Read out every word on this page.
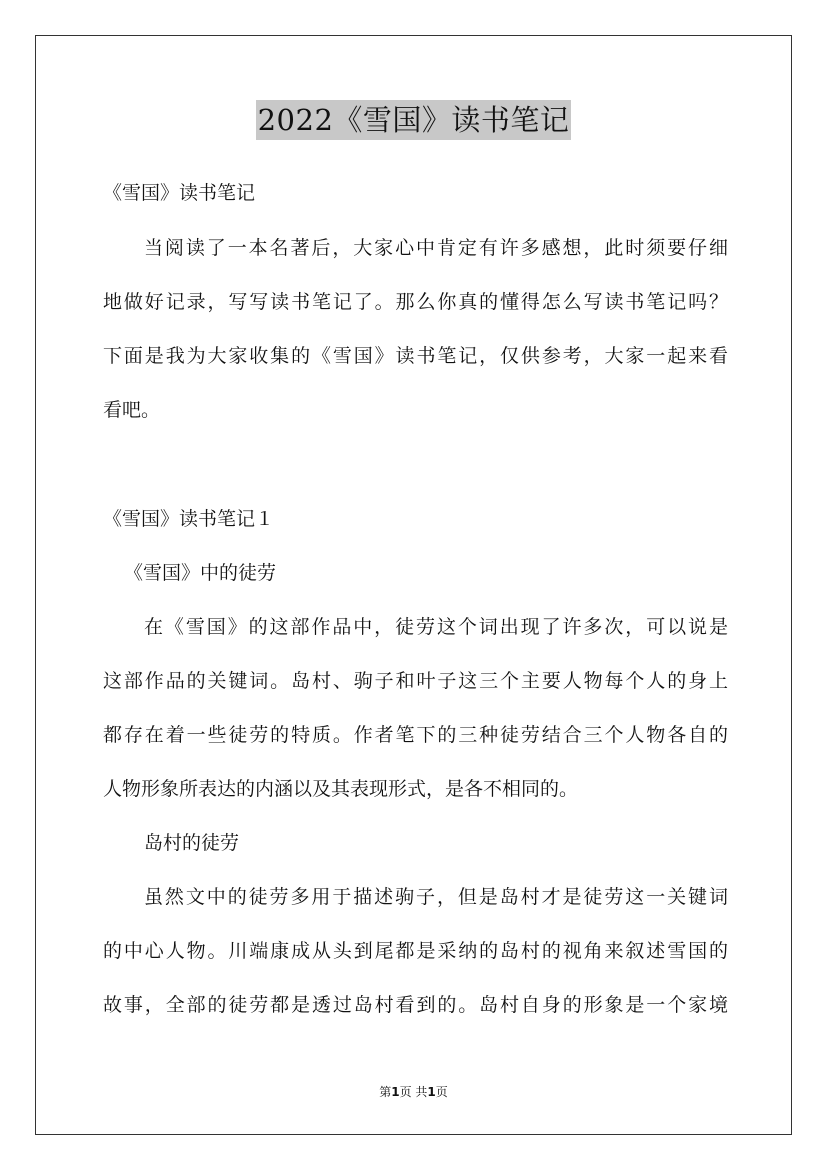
2022《雪国》读书笔记
《雪国》读书笔记
当阅读了一本名著后，大家心中肯定有许多感想，此时须要仔细
地做好记录，写写读书笔记了。那么你真的懂得怎么写读书笔记吗？
下面是我为大家收集的《雪国》读书笔记，仅供参考，大家一起来看
看吧。
《雪国》读书笔记１
《雪国》中的徒劳
在《雪国》的这部作品中，徒劳这个词出现了许多次，可以说是
这部作品的关键词。岛村、驹子和叶子这三个主要人物每个人的身上
都存在着一些徒劳的特质。作者笔下的三种徒劳结合三个人物各自的
人物形象所表达的内涵以及其表现形式，是各不相同的。
岛村的徒劳
虽然文中的徒劳多用于描述驹子，但是岛村才是徒劳这一关键词
的中心人物。川端康成从头到尾都是采纳的岛村的视角来叙述雪国的
故事，全部的徒劳都是透过岛村看到的。岛村自身的形象是一个家境
第1页 共1页
